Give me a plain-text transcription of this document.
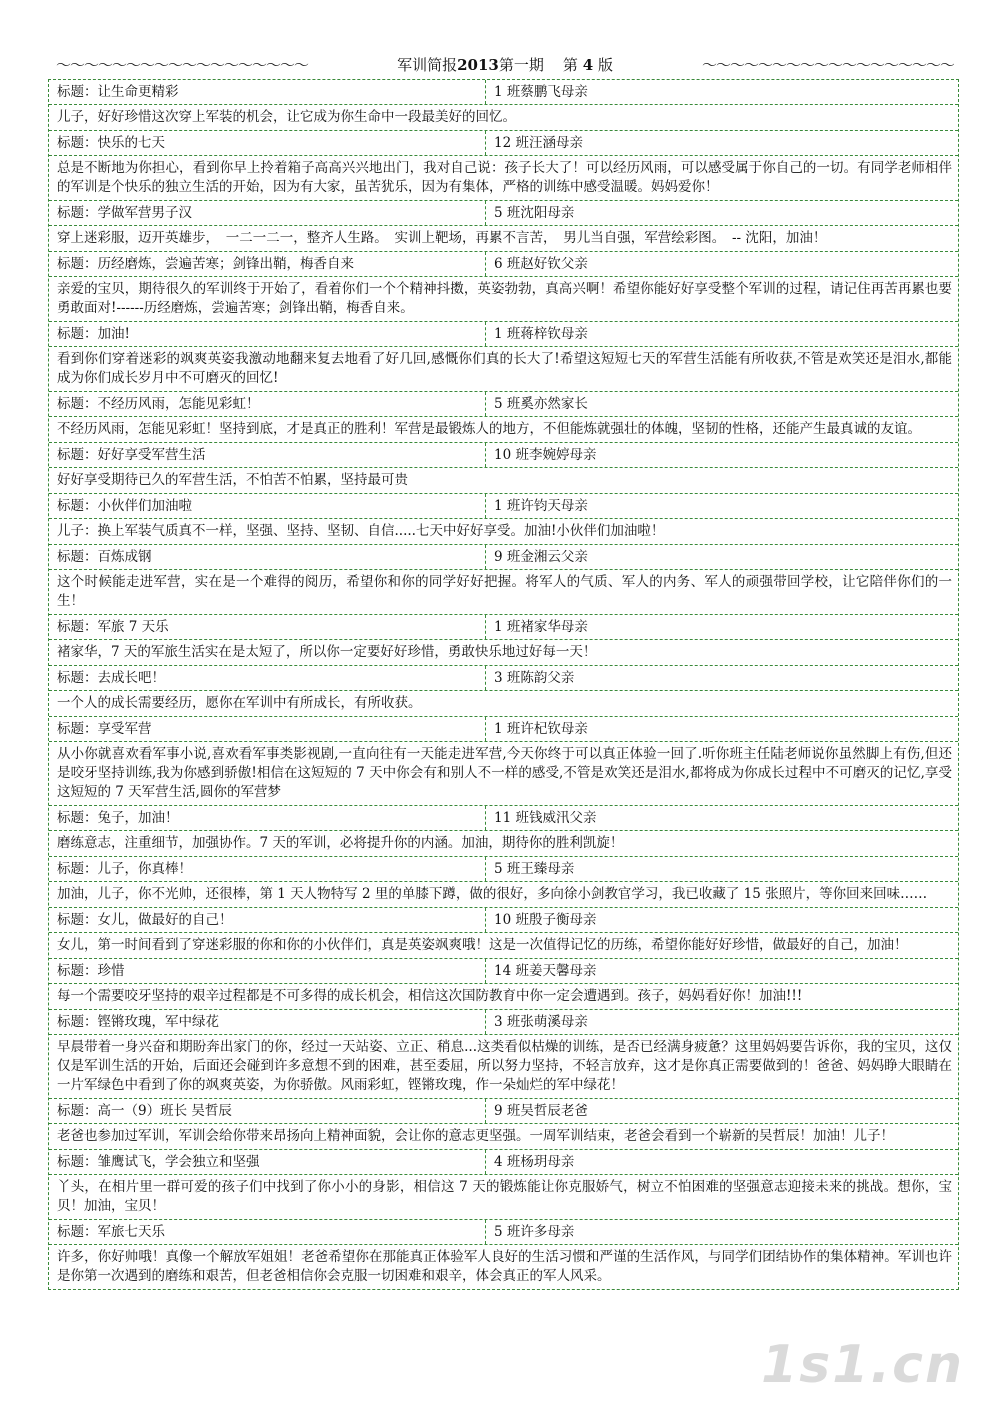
～～～～～～～～～～～～～～～～～～	军训简报2013第一期 第 4 版	～～～～～～～～～～～～～～～～～～
标题：让生命更精彩	1 班蔡鹏飞母亲
儿子，好好珍惜这次穿上军装的机会，让它成为你生命中一段最美好的回忆。
标题：快乐的七天	12 班汪涵母亲
总是不断地为你担心，看到你早上拎着箱子高高兴兴地出门，我对自己说：孩子长大了！可以经历风雨，可以感受属于你自己的一切。有同学老师相伴的军训是个快乐的独立生活的开始，因为有大家，虽苦犹乐，因为有集体，严格的训练中感受温暖。妈妈爱你！
标题：学做军营男子汉	5 班沈阳母亲
穿上迷彩服，迈开英雄步，　一二一二一，整齐人生路。　实训上靶场，再累不言苦，　男儿当自强，军营绘彩图。　-- 沈阳，加油！
标题：历经磨炼，尝遍苦寒；剑锋出鞘，梅香自来	6 班赵好钦父亲
亲爱的宝贝，期待很久的军训终于开始了，看着你们一个个精神抖擞，英姿勃勃，真高兴啊！希望你能好好享受整个军训的过程，请记住再苦再累也要勇敢面对!------历经磨炼，尝遍苦寒；剑锋出鞘，梅香自来。
标题：加油!	1 班蒋梓钦母亲
看到你们穿着迷彩的飒爽英姿我激动地翻来复去地看了好几回,感慨你们真的长大了!希望这短短七天的军营生活能有所收获,不管是欢笑还是泪水,都能成为你们成长岁月中不可磨灭的回忆!
标题：不经历风雨，怎能见彩虹！	5 班奚亦然家长
不经历风雨，怎能见彩虹！坚持到底，才是真正的胜利！军营是最锻炼人的地方，不但能炼就强壮的体魄，坚韧的性格，还能产生最真诚的友谊。
标题：好好享受军营生活	10 班李婉婷母亲
好好享受期待已久的军营生活，不怕苦不怕累，坚持最可贵
标题：小伙伴们加油啦	1 班许钧天母亲
儿子：换上军装气质真不一样，坚强、坚持、坚韧、自信.....七天中好好享受。加油!小伙伴们加油啦！
标题：百炼成钢	9 班金湘云父亲
这个时候能走进军营，实在是一个难得的阅历，希望你和你的同学好好把握。将军人的气质、军人的内务、军人的顽强带回学校，让它陪伴你们的一生！
标题：军旅 7 天乐	1 班褚家华母亲
褚家华，7 天的军旅生活实在是太短了，所以你一定要好好珍惜，勇敢快乐地过好每一天！
标题：去成长吧！	3 班陈韵父亲
一个人的成长需要经历，愿你在军训中有所成长，有所收获。
标题：享受军营	1 班许杞钦母亲
从小你就喜欢看军事小说,喜欢看军事类影视剧,一直向往有一天能走进军营,今天你终于可以真正体验一回了.听你班主任陆老师说你虽然脚上有伤,但还是咬牙坚持训练,我为你感到骄傲!相信在这短短的 7 天中你会有和别人不一样的感受,不管是欢笑还是泪水,都将成为你成长过程中不可磨灭的记忆,享受这短短的 7 天军营生活,圆你的军营梦
标题：兔子，加油！	11 班钱威汛父亲
磨练意志，注重细节，加强协作。7 天的军训，必将提升你的内涵。加油，期待你的胜利凯旋！
标题：儿子，你真棒！	5 班王臻母亲
加油，儿子，你不光帅，还很棒，第 1 天人物特写 2 里的单膝下蹲，做的很好，多向徐小剑教官学习，我已收藏了 15 张照片，等你回来回味……
标题：女儿，做最好的自己！	10 班殷子衡母亲
女儿，第一时间看到了穿迷彩服的你和你的小伙伴们，真是英姿飒爽哦！这是一次值得记忆的历练，希望你能好好珍惜，做最好的自己，加油！
标题：珍惜	14 班姜天馨母亲
每一个需要咬牙坚持的艰辛过程都是不可多得的成长机会，相信这次国防教育中你一定会遭遇到。孩子，妈妈看好你！加油!!!
标题：铿锵玫瑰，军中绿花	3 班张萌溪母亲
早晨带着一身兴奋和期盼奔出家门的你，经过一天站姿、立正、稍息...这类看似枯燥的训练，是否已经满身疲惫？这里妈妈要告诉你，我的宝贝，这仅仅是军训生活的开始，后面还会碰到许多意想不到的困难，甚至委屈，所以努力坚持，不轻言放弃，这才是你真正需要做到的！爸爸、妈妈睁大眼睛在一片军绿色中看到了你的飒爽英姿，为你骄傲。风雨彩虹，铿锵玫瑰，作一朵灿烂的军中绿花！
标题：高一（9）班长 吴哲辰	9 班吴哲辰老爸
老爸也参加过军训，军训会给你带来昂扬向上精神面貌，会让你的意志更坚强。一周军训结束，老爸会看到一个崭新的吴哲辰！加油！儿子！
标题：雏鹰试飞，学会独立和坚强	4 班杨玥母亲
丫头，在相片里一群可爱的孩子们中找到了你小小的身影，相信这 7 天的锻炼能让你克服娇气，树立不怕困难的坚强意志迎接未来的挑战。想你，宝贝！加油，宝贝！
标题：军旅七天乐	5 班许多母亲
许多，你好帅哦！真像一个解放军姐姐！老爸希望你在那能真正体验军人良好的生活习惯和严谨的生活作风，与同学们团结协作的集体精神。军训也许是你第一次遇到的磨练和艰苦，但老爸相信你会克服一切困难和艰辛，体会真正的军人风采。
1s1.cn
